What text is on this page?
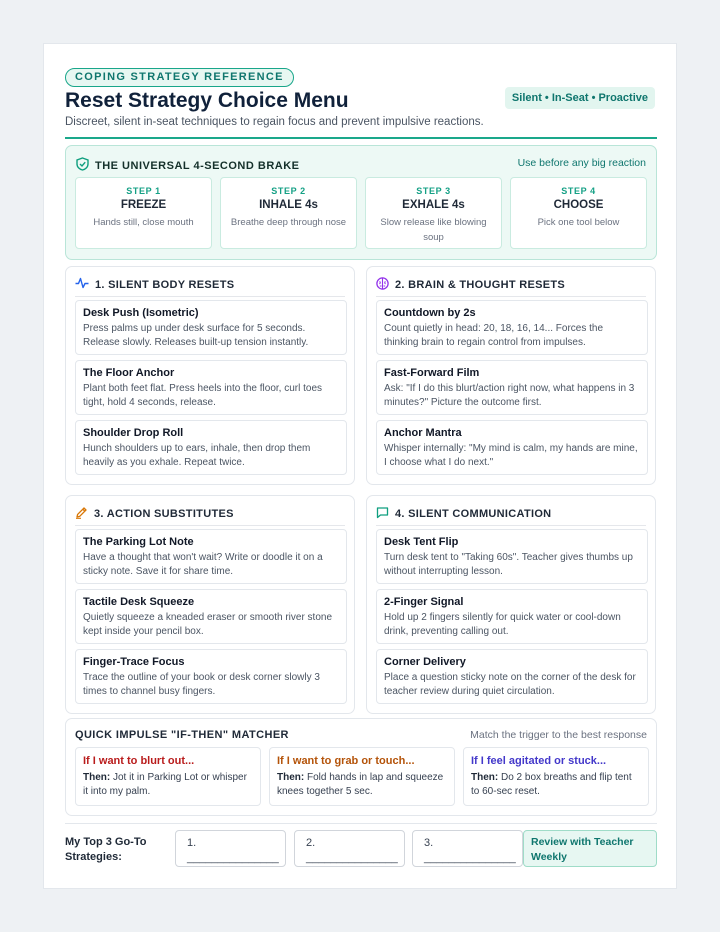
COPING STRATEGY REFERENCE
Reset Strategy Choice Menu	Silent • In-Seat • Proactive
Discreet, silent in-seat techniques to regain focus and prevent impulsive reactions.
THE UNIVERSAL 4-SECOND BRAKE	Use before any big reaction
STEP 1
FREEZE
Hands still, close mouth
STEP 2
INHALE 4s
Breathe deep through nose
STEP 3
EXHALE 4s
Slow release like blowing soup
STEP 4
CHOOSE
Pick one tool below
1. SILENT BODY RESETS
Desk Push (Isometric)
Press palms up under desk surface for 5 seconds. Release slowly. Releases built-up tension instantly.
The Floor Anchor
Plant both feet flat. Press heels into the floor, curl toes tight, hold 4 seconds, release.
Shoulder Drop Roll
Hunch shoulders up to ears, inhale, then drop them heavily as you exhale. Repeat twice.
2. BRAIN & THOUGHT RESETS
Countdown by 2s
Count quietly in head: 20, 18, 16, 14... Forces the thinking brain to regain control from impulses.
Fast-Forward Film
Ask: "If I do this blurt/action right now, what happens in 3 minutes?" Picture the outcome first.
Anchor Mantra
Whisper internally: "My mind is calm, my hands are mine, I choose what I do next."
3. ACTION SUBSTITUTES
The Parking Lot Note
Have a thought that won't wait? Write or doodle it on a sticky note. Save it for share time.
Tactile Desk Squeeze
Quietly squeeze a kneaded eraser or smooth river stone kept inside your pencil box.
Finger-Trace Focus
Trace the outline of your book or desk corner slowly 3 times to channel busy fingers.
4. SILENT COMMUNICATION
Desk Tent Flip
Turn desk tent to "Taking 60s". Teacher gives thumbs up without interrupting lesson.
2-Finger Signal
Hold up 2 fingers silently for quick water or cool-down drink, preventing calling out.
Corner Delivery
Place a question sticky note on the corner of the desk for teacher review during quiet circulation.
QUICK IMPULSE "IF-THEN" MATCHER	Match the trigger to the best response
If I want to blurt out...
Then: Jot it in Parking Lot or whisper it into my palm.
If I want to grab or touch...
Then: Fold hands in lap and squeeze knees together 5 sec.
If I feel agitated or stuck...
Then: Do 2 box breaths and flip tent to 60-sec reset.
My Top 3 Go-To Strategies:
1. _______________
2. _______________
3. _______________
Review with Teacher Weekly
